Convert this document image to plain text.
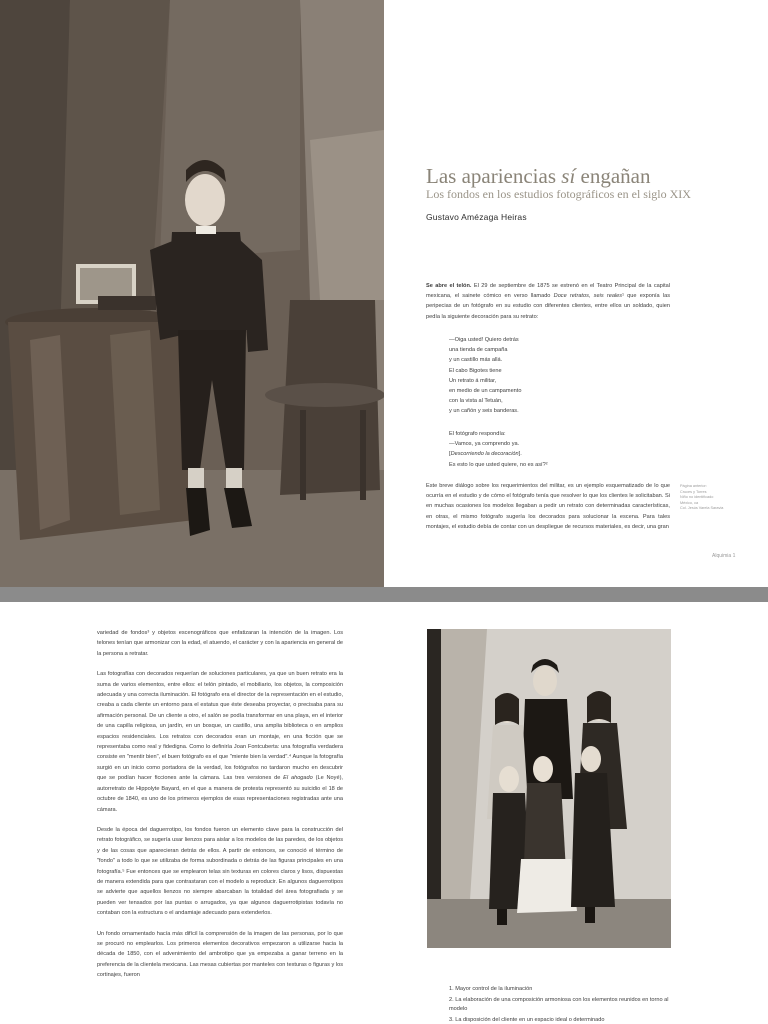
Las apariencias sí engañan
Los fondos en los estudios fotográficos en el siglo XIX
Gustavo Amézaga Heiras

Se abre el telón. El 29 de septiembre de 1875 se estrenó en el Teatro Principal de la capital mexicana, el sainete cómico en verso llamado Doce retratos, seis reales¹ que exponía las peripecias de un fotógrafo en su estudio con diferentes clientes, entre ellos un soldado, quien pedía la siguiente decoración para su retrato:

—Oiga usted! Quiero detrás
una tienda de campaña
y un castillo más allá.
El cabo Bigotes tiene
Un retrato á militar,
en medio de un campamento
con la vista al Tetuán,
y un cañón y seis banderas.
El fotógrafo respondía:
—Vamos, ya comprendo ya.
[Descorriendo la decoración].
Es esto lo que usted quiere, no es así?²
Este breve diálogo sobre los requerimientos del militar, es un ejemplo esquematizado de lo que ocurría en el estudio y de cómo el fotógrafo tenía que resolver lo que los clientes le solicitaban. Si en muchas ocasiones los modelos llegaban a pedir un retrato con determinadas características, en otras, el mismo fotógrafo sugería los decorados para solucionar la escena. Para tales montajes, el estudio debía de contar con un despliegue de recursos materiales, es decir, una gran
Página anterior:
Cruces y Torres
Niño no identificado
México, ca
Col. Jesús Varela Saravia
Alquimia 1

variedad de fondos³ y objetos escenográficos que enfatizaran la intención de la imagen. Los telones tenían que armonizar con la edad, el atuendo, el carácter y con la apariencia en general de la persona a retratar.

Las fotografías con decorados requerían de soluciones particulares, ya que un buen retrato era la suma de varios elementos, entre ellos: el telón pintado, el mobiliario, los objetos, la composición adecuada y una correcta iluminación. El fotógrafo era el director de la representación en el estudio, creaba a cada cliente un entorno para el estatus que éste deseaba proyectar, o precisaba para su afirmación personal. De un cliente a otro, el salón se podía transformar en una playa, en el interior de una capilla religiosa, un jardín, en un bosque, un castillo, una amplia biblioteca o en amplios espacios residenciales. Los retratos con decorados eran un montaje, en una ficción que se representaba como real y fidedigna. Como lo definiría Joan Fontcuberta: una fotografía verdadera consiste en "mentir bien", el buen fotógrafo es el que "miente bien la verdad".⁴ Aunque la fotografía surgió en un inicio como portadora de la verdad, los fotógrafos no tardaron mucho en descubrir que se podían hacer ficciones ante la cámara. Las tres versiones de El ahogado (Le Noyé), autorretrato de Hippolyte Bayard, en el que a manera de protesta representó su suicidio el 18 de octubre de 1840, es uno de los primeros ejemplos de esas representaciones registradas ante una cámara.

Desde la época del daguerrotipo, los fondos fueron un elemento clave para la construcción del retrato fotográfico, se sugería usar lienzos para aislar a los modelos de las paredes, de los objetos y de las cosas que aparecieran detrás de ellos. A partir de entonces, se conoció el término de "fondo" a todo lo que se utilizaba de forma subordinada o detrás de las figuras principales en una fotografía.⁵ Fue entonces que se emplearon telas sin texturas en colores claros y lisos, dispuestas de manera extendida para que contrastaran con el modelo a reproducir. En algunos daguerrotipos se advierte que aquellos lienzos no siempre abarcaban la totalidad del área fotografiada y se pueden ver tensados por las puntas o arrugados, ya que algunos daguerrotipistas todavía no contaban con la estructura o el andamiaje adecuado para extenderlos.

Un fondo ornamentado hacía más difícil la comprensión de la imagen de las personas, por lo que se procuró no emplearlos. Los primeros elementos decorativos empezaron a utilizarse hacia la década de 1850, con el advenimiento del ambrotipo que ya empezaba a ganar terreno en la preferencia de la clientela mexicana. Las mesas cubiertas por manteles con texturas o figuras y los cortinajes, fueron

1. Mayor control de la iluminación
2. La elaboración de una composición armoniosa con los elementos reunidos en torno al modelo
3. La disposición del cliente en un espacio ideal o determinado
